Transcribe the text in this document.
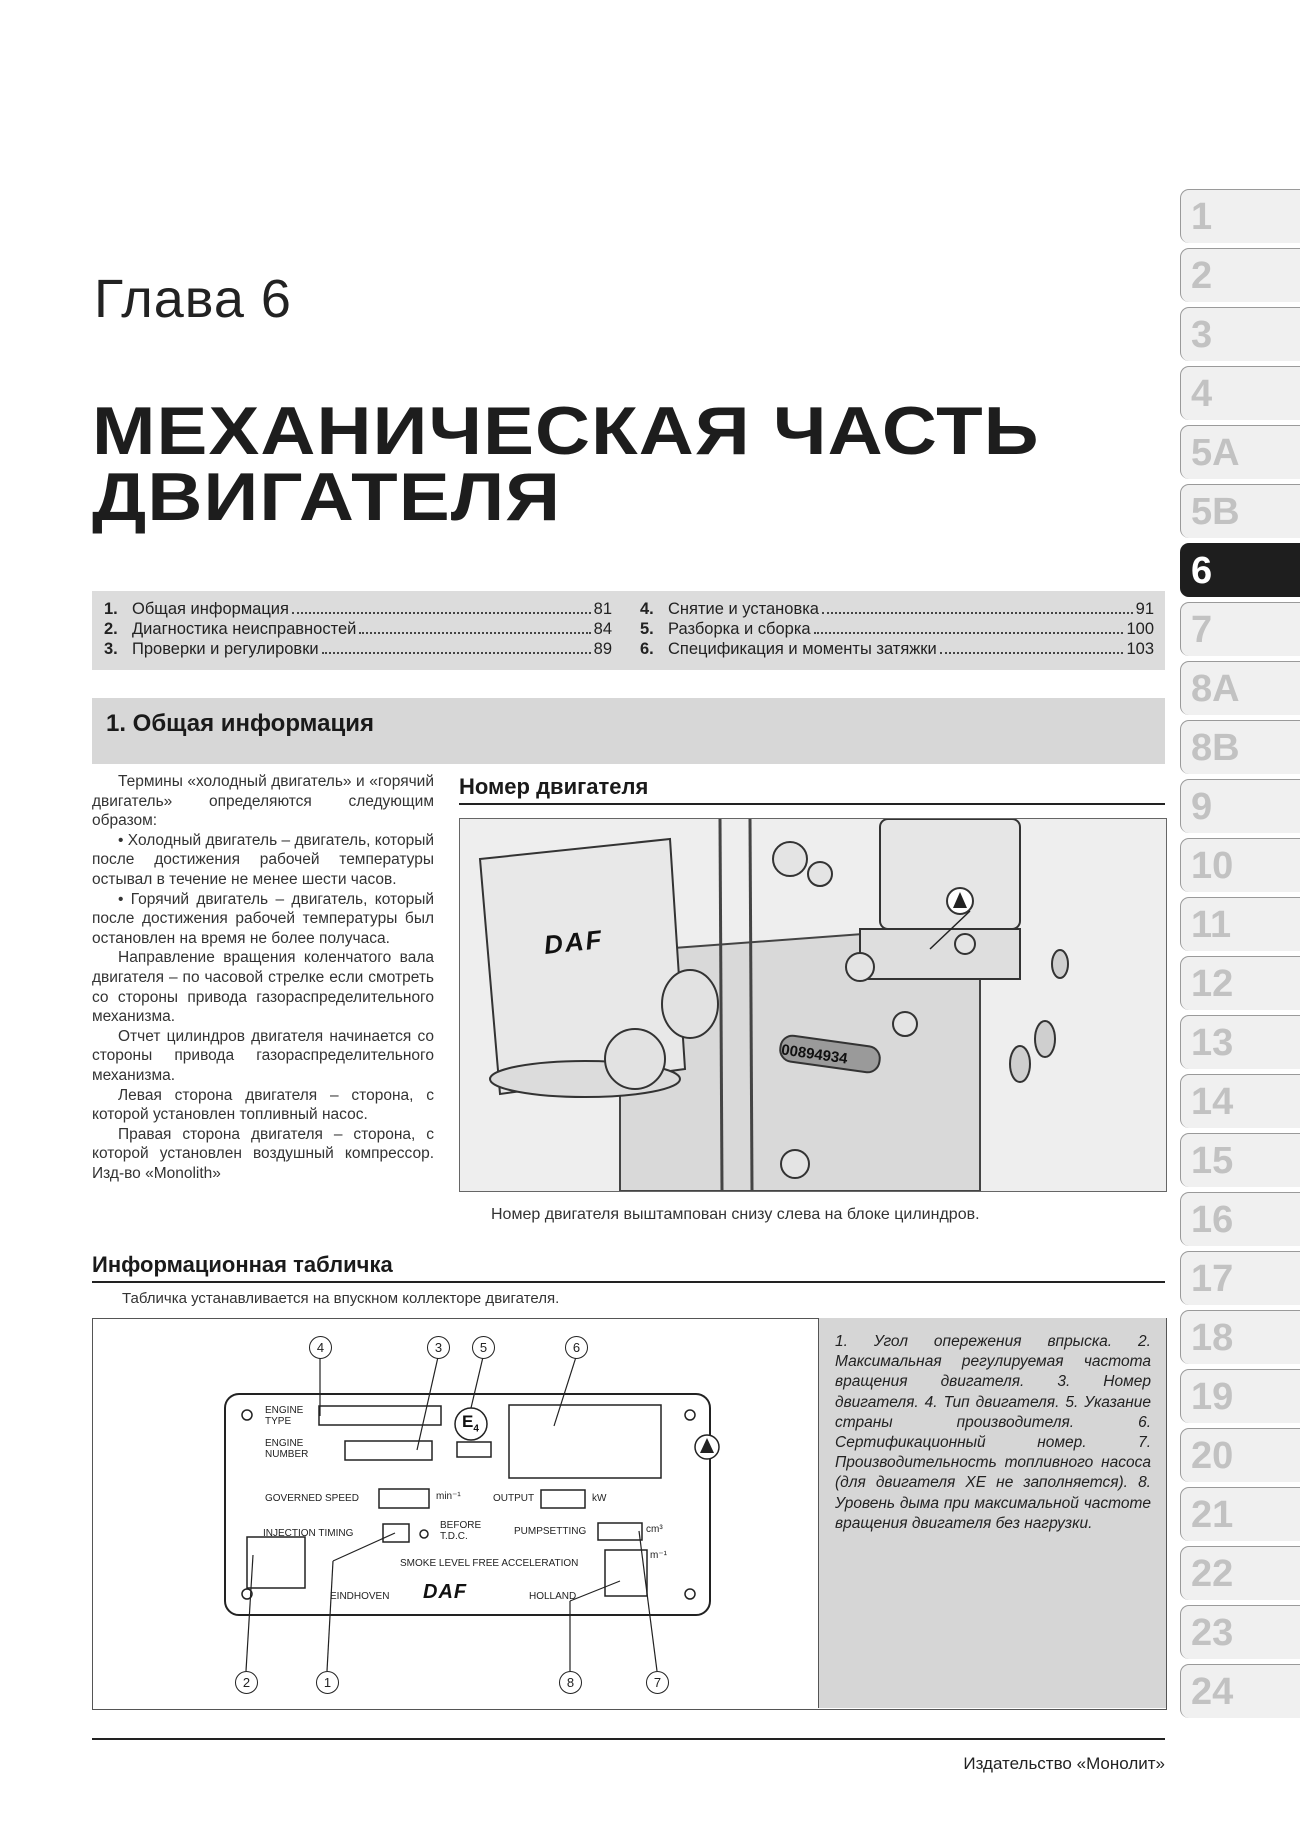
Глава 6
МЕХАНИЧЕСКАЯ ЧАСТЬ
ДВИГАТЕЛЯ
1. Общая информация	81
2. Диагностика неисправностей	84
3. Проверки и регулировки	89
4. Снятие и установка	91
5. Разборка и сборка	100
6. Спецификация и моменты затяжки	103
1. Общая информация

Термины «холодный двигатель» и «горячий двигатель» определяются следующим образом:

• Холодный двигатель – двигатель, который после достижения рабочей температуры остывал в течение не менее шести часов.

• Горячий двигатель – двигатель, который после достижения рабочей температуры был остановлен на время не более получаса.

Направление вращения коленчатого вала двигателя – по часовой стрелке если смотреть со стороны привода газораспределительного механизма.

Отчет цилиндров двигателя начинается со стороны привода газораспределительного механизма.

Левая сторона двигателя – сторона, с которой установлен топливный насос.

Правая сторона двигателя – сторона, с которой установлен воздушный компрессор. Изд-во «Monolith»

Номер двигателя
DAF
00894934
Номер двигателя выштампован снизу слева на блоке цилиндров.
Информационная табличка
Табличка устанавливается на впускном коллекторе двигателя.
ENGINE
TYPE
ENGINE
NUMBER
GOVERNED SPEED	min⁻¹	OUTPUT	kW
INJECTION TIMING
BEFORE
T.D.C.	PUMPSETTING	cm³
SMOKE LEVEL FREE ACCELERATION
m⁻¹
EINDHOVEN DAF	HOLLAND
$E_4$
4	3	5	6
2	1	8	7
1. Угол опережения впрыска. 2. Максимальная регулируемая частота вращения двигателя. 3. Номер двигателя. 4. Тип двигателя. 5. Указание страны производителя. 6. Сертификационный номер. 7. Производительность топливного насоса (для двигателя XE не заполняется). 8. Уровень дыма при максимальной частоте вращения двигателя без нагрузки.
1
2
3
4
5A
5B
6
7
8A
8B
9
10
11
12
13
14
15
16
17
18
19
20
21
22
23
24
Издательство «Монолит»
